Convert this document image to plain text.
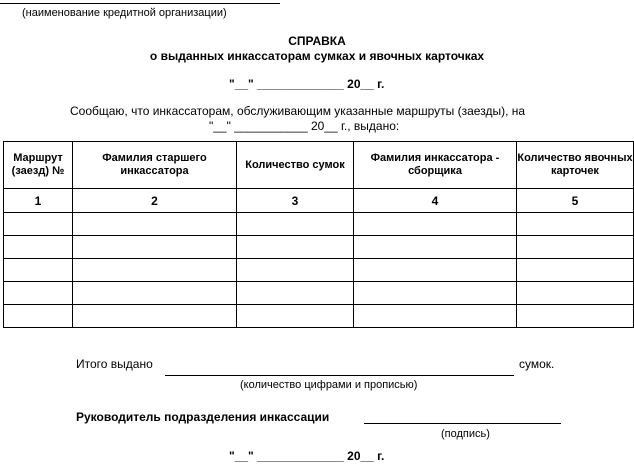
(наименование кредитной организации)
СПРАВКА
о выданных инкассаторам сумках и явочных карточках
"__" _____________ 20__ г.
Сообщаю, что инкассаторам, обслуживающим указанные маршруты (заезды), на
"__" ___________ 20__ г., выдано:
Маршрут (заезд) №	Фамилия старшего инкассатора	Количество сумок	Фамилия инкассатора - сборщика	Количество явочных карточек
1	2	3	4	5

Итого выдано	сумок.
(количество цифрами и прописью)
Руководитель подразделения инкассации
(подпись)
"__" _____________ 20__ г.
